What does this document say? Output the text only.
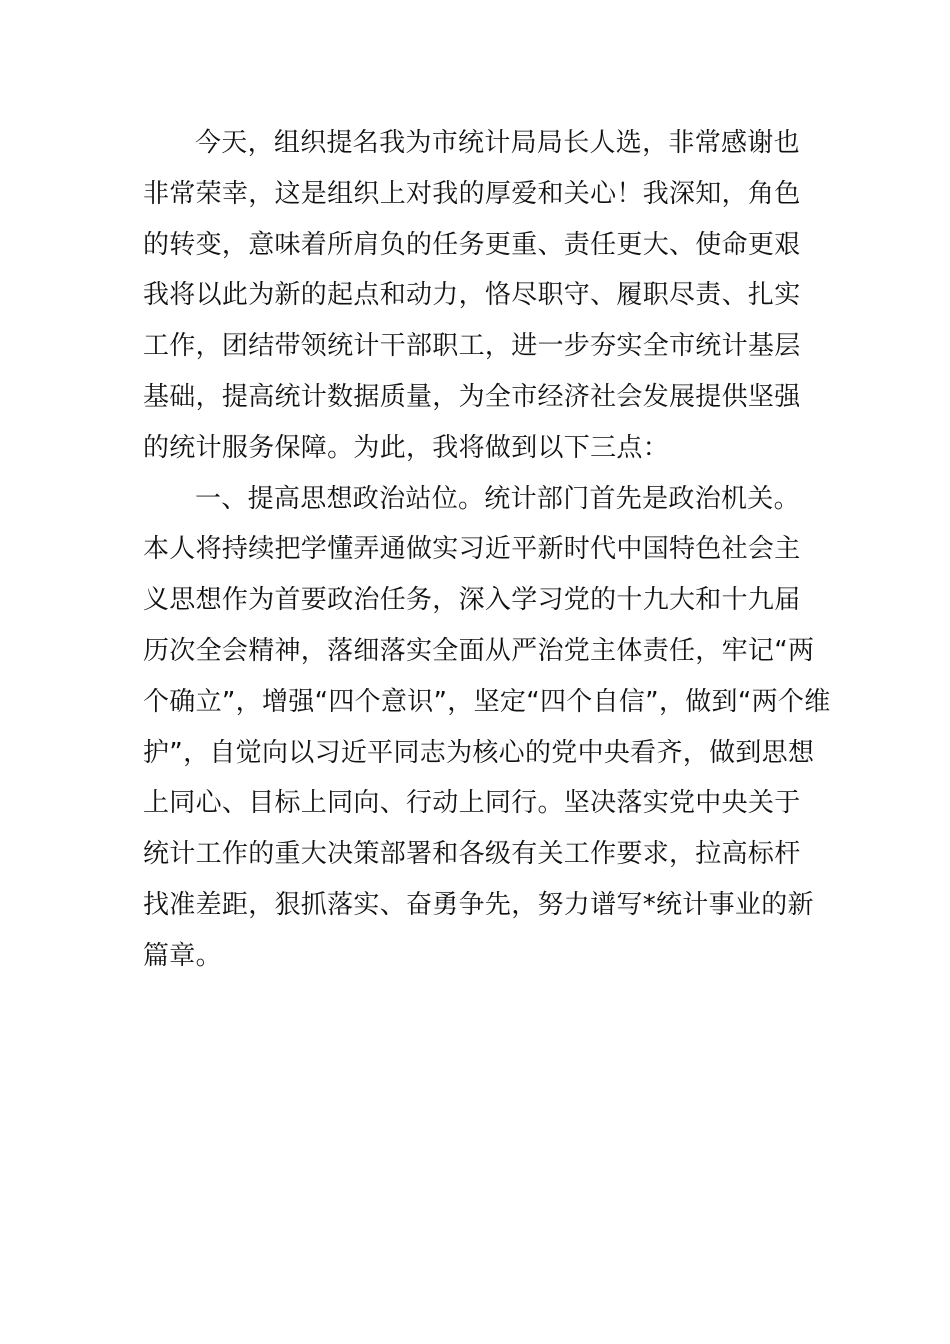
今天，组织提名我为市统计局局长人选，非常感谢也
非常荣幸，这是组织上对我的厚爱和关心！我深知，角色
的转变，意味着所肩负的任务更重、责任更大、使命更艰
我将以此为新的起点和动力，恪尽职守、履职尽责、扎实
工作，团结带领统计干部职工，进一步夯实全市统计基层
基础，提高统计数据质量，为全市经济社会发展提供坚强
的统计服务保障。为此，我将做到以下三点：
一、提高思想政治站位。统计部门首先是政治机关。
本人将持续把学懂弄通做实习近平新时代中国特色社会主
义思想作为首要政治任务，深入学习党的十九大和十九届
历次全会精神，落细落实全面从严治党主体责任，牢记“两
个确立”，增强“四个意识”，坚定“四个自信”，做到“两个维
护”，自觉向以习近平同志为核心的党中央看齐，做到思想
上同心、目标上同向、行动上同行。坚决落实党中央关于
统计工作的重大决策部署和各级有关工作要求，拉高标杆
找准差距，狠抓落实、奋勇争先，努力谱写*统计事业的新
篇章。
